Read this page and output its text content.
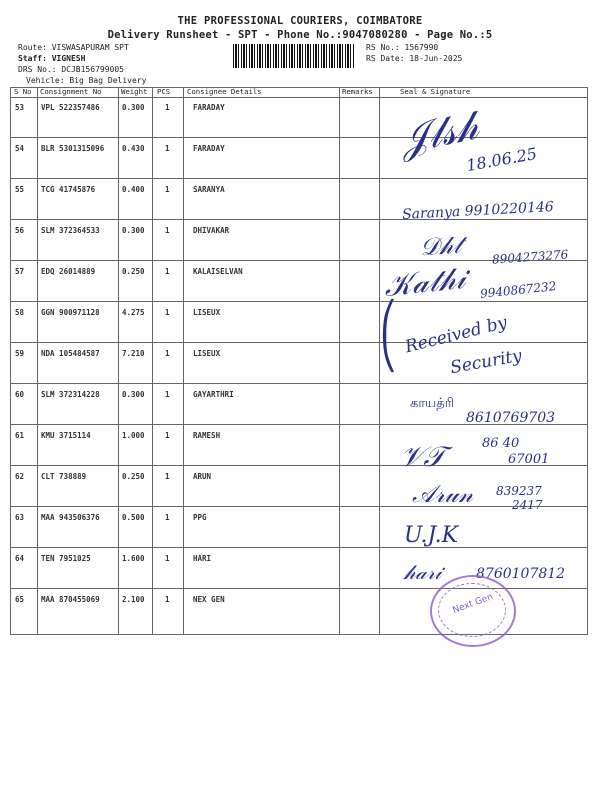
THE PROFESSIONAL COURIERS, COIMBATORE
Delivery Runsheet - SPT - Phone No.:9047080280 - Page No.:5
Route: VISWASAPURAM SPT
Staff: VIGNESH
DRS No.: DCJB156799005
Vehicle: Big Bag Delivery
RS No.: 1567990
RS Date: 18-Jun-2025
S No Consignment No	Weight PCS Consignee Details	Remarks	Seal & Signature
53 VPL 522357486	0.300	1	FARADAY
54 BLR 5301315096 0.430	1	FARADAY
55 TCG 41745876	0.400	1	SARANYA
56 SLM 372364533	0.300	1	DHIVAKAR
57 EDQ 26014889	0.250	1	KALAISELVAN
58 GGN 900971128	4.275	1	LISEUX
59 NDA 105484587	7.210	1	LISEUX
60 SLM 372314228	0.300	1	GAYARTHRI
61 KMU 3715114	1.000	1	RAMESH
62 CLT 738889	0.250	1	ARUN
63 MAA 943506376	0.500	1	PPG
64 TEN 7951025	1.600	1	HARI
65 MAA 870455069	2.100	1	NEX GEN
𝒥𝓁𝓈𝒽
18.06.25
Saranya 9910220146
𝒟𝒽𝓉 8904273276
𝒦𝒶𝓉𝒽𝒾 9940867232
⎛
⎝ Received by
Security
காயத்ரி
8610769703
𝒱𝒯	86 40
67001
𝒜𝓇𝓊𝓃 839237
2417
U.J.K
𝒽𝒶𝓇𝒾 8760107812
Next Gen
